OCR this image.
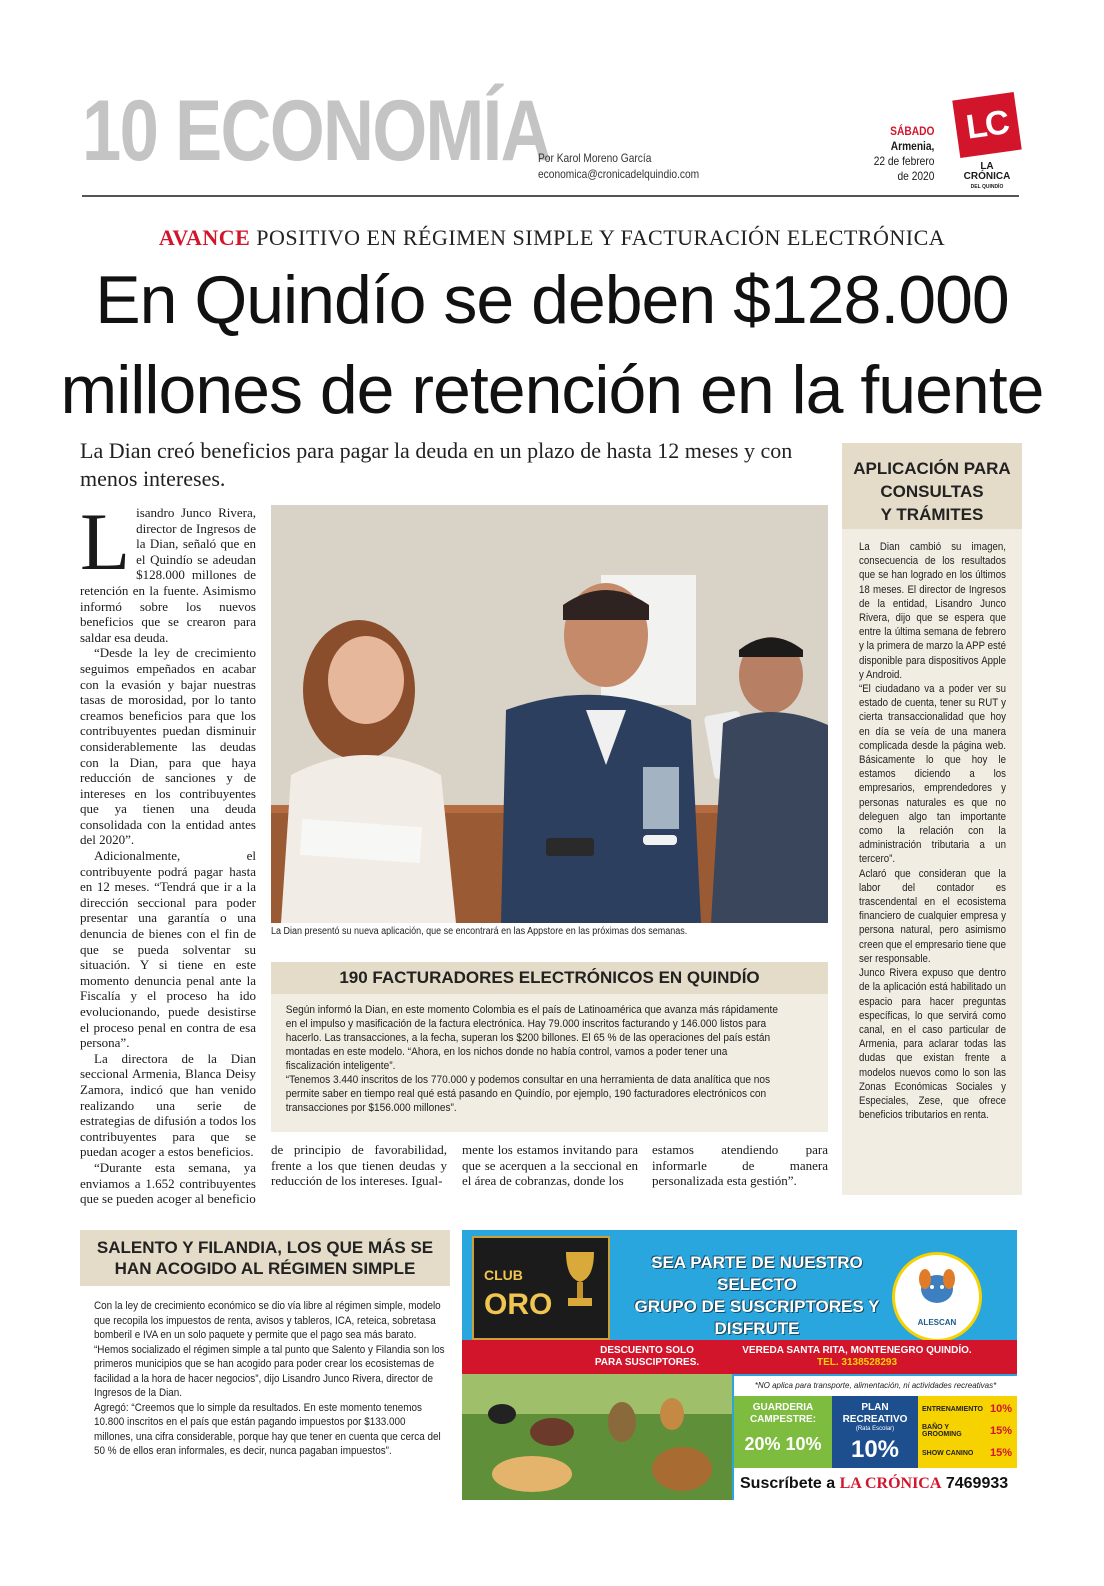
10 ECONOMÍA
Por Karol Moreno García
economica@cronicadelquindio.com
SÁBADO
Armenia,
22 de febrero
de 2020
LC
LA CRÓNICA
DEL QUINDÍO
AVANCE POSITIVO EN RÉGIMEN SIMPLE Y FACTURACIÓN ELECTRÓNICA
En Quindío se deben $128.000
millones de retención en la fuente
La Dian creó beneficios para pagar la deuda en un plazo de hasta 12 meses y con menos intereses.

Lisandro Junco Rivera, director de Ingresos de la Dian, señaló que en el Quindío se adeudan $128.000 millones de retención en la fuente. Asimismo informó sobre los nuevos beneficios que se crearon para saldar esa deuda.

“Desde la ley de crecimiento seguimos empeñados en acabar con la evasión y bajar nuestras tasas de morosidad, por lo tanto creamos beneficios para que los contribuyentes puedan disminuir considerablemente las deudas con la Dian, para que haya reducción de sanciones y de intereses en los contribuyentes que ya tienen una deuda consolidada con la entidad antes del 2020”.

Adicionalmente, el contribuyente podrá pagar hasta en 12 meses. “Tendrá que ir a la dirección seccional para poder presentar una garantía o una denuncia de bienes con el fin de que se pueda solventar su situación. Y si tiene en este momento denuncia penal ante la Fiscalía y el proceso ha ido evolucionando, puede desistirse el proceso penal en contra de esa persona”.

La directora de la Dian seccional Armenia, Blanca Deisy Zamora, indicó que han venido realizando una serie de estrategias de difusión a todos los contribuyentes para que se puedan acoger a estos beneficios.

“Durante esta semana, ya enviamos a 1.652 contribuyentes que se pueden acoger al beneficio

La Dian presentó su nueva aplicación, que se encontrará en las Appstore en las próximas dos semanas.
190 FACTURADORES ELECTRÓNICOS EN QUINDÍO

Según informó la Dian, en este momento Colombia es el país de Latinoamérica que avanza más rápidamente en el impulso y masificación de la factura electrónica. Hay 79.000 inscritos facturando y 146.000 listos para hacerlo. Las transacciones, a la fecha, superan los $200 billones. El 65 % de las operaciones del país están montadas en este modelo. “Ahora, en los nichos donde no había control, vamos a poder tener una fiscalización inteligente”.

“Tenemos 3.440 inscritos de los 770.000 y podemos consultar en una herramienta de data analítica que nos permite saber en tiempo real qué está pasando en Quindío, por ejemplo, 190 facturadores electrónicos con transacciones por $156.000 millones”.

de principio de favorabilidad, frente a los que tienen deudas y reducción de los intereses. Igual-
mente los estamos invitando para que se acerquen a la seccional en el área de cobranzas, donde los
estamos atendiendo para informarle de manera personalizada esta gestión”.
APLICACIÓN PARA
CONSULTAS
Y TRÁMITES

La Dian cambió su imagen, consecuencia de los resultados que se han logrado en los últimos 18 meses. El director de Ingresos de la entidad, Lisandro Junco Rivera, dijo que se espera que entre la última semana de febrero y la primera de marzo la APP esté disponible para dispositivos Apple y Android.

“El ciudadano va a poder ver su estado de cuenta, tener su RUT y cierta transaccionalidad que hoy en día se veía de una manera complicada desde la página web. Básicamente lo que hoy le estamos diciendo a los empresarios, emprendedores y personas naturales es que no deleguen algo tan importante como la relación con la administración tributaria a un tercero”.

Aclaró que consideran que la labor del contador es trascendental en el ecosistema financiero de cualquier empresa y persona natural, pero asimismo creen que el empresario tiene que ser responsable.

Junco Rivera expuso que dentro de la aplicación está habilitado un espacio para hacer preguntas específicas, lo que servirá como canal, en el caso particular de Armenia, para aclarar todas las dudas que existan frente a modelos nuevos como lo son las Zonas Económicas Sociales y Especiales, Zese, que ofrece beneficios tributarios en renta.

SALENTO Y FILANDIA, LOS QUE MÁS SE
HAN ACOGIDO AL RÉGIMEN SIMPLE

Con la ley de crecimiento económico se dio vía libre al régimen simple, modelo que recopila los impuestos de renta, avisos y tableros, ICA, reteica, sobretasa bomberil e IVA en un solo paquete y permite que el pago sea más barato.

“Hemos socializado el régimen simple a tal punto que Salento y Filandia son los primeros municipios que se han acogido para poder crear los ecosistemas de facilidad a la hora de hacer negocios”, dijo Lisandro Junco Rivera, director de Ingresos de la Dian.

Agregó: “Creemos que lo simple da resultados. En este momento tenemos 10.800 inscritos en el país que están pagando impuestos por $133.000 millones, una cifra considerable, porque hay que tener en cuenta que cerca del 50 % de ellos eran informales, es decir, nunca pagaban impuestos”.

CLUB
ORO
SEA PARTE DE NUESTRO SELECTO
GRUPO DE SUSCRIPTORES Y DISFRUTE	ALESCAN
DESCUENTO SOLO
PARA SUSCIPTORES.
VEREDA SANTA RITA, MONTENEGRO QUINDÍO.
TEL. 3138528293
*NO aplica para transporte, alimentación, ni actividades recreativas*
GUARDERIA
CAMPESTRE:
20% 10%
PLAN
RECREATIVO
(Rata Escolar)
10%
ENTRENAMIENTO 10%
BAÑO Y GROOMING	15%
SHOW CANINO 15%
Suscríbete a LA CRÓNICA 7469933
